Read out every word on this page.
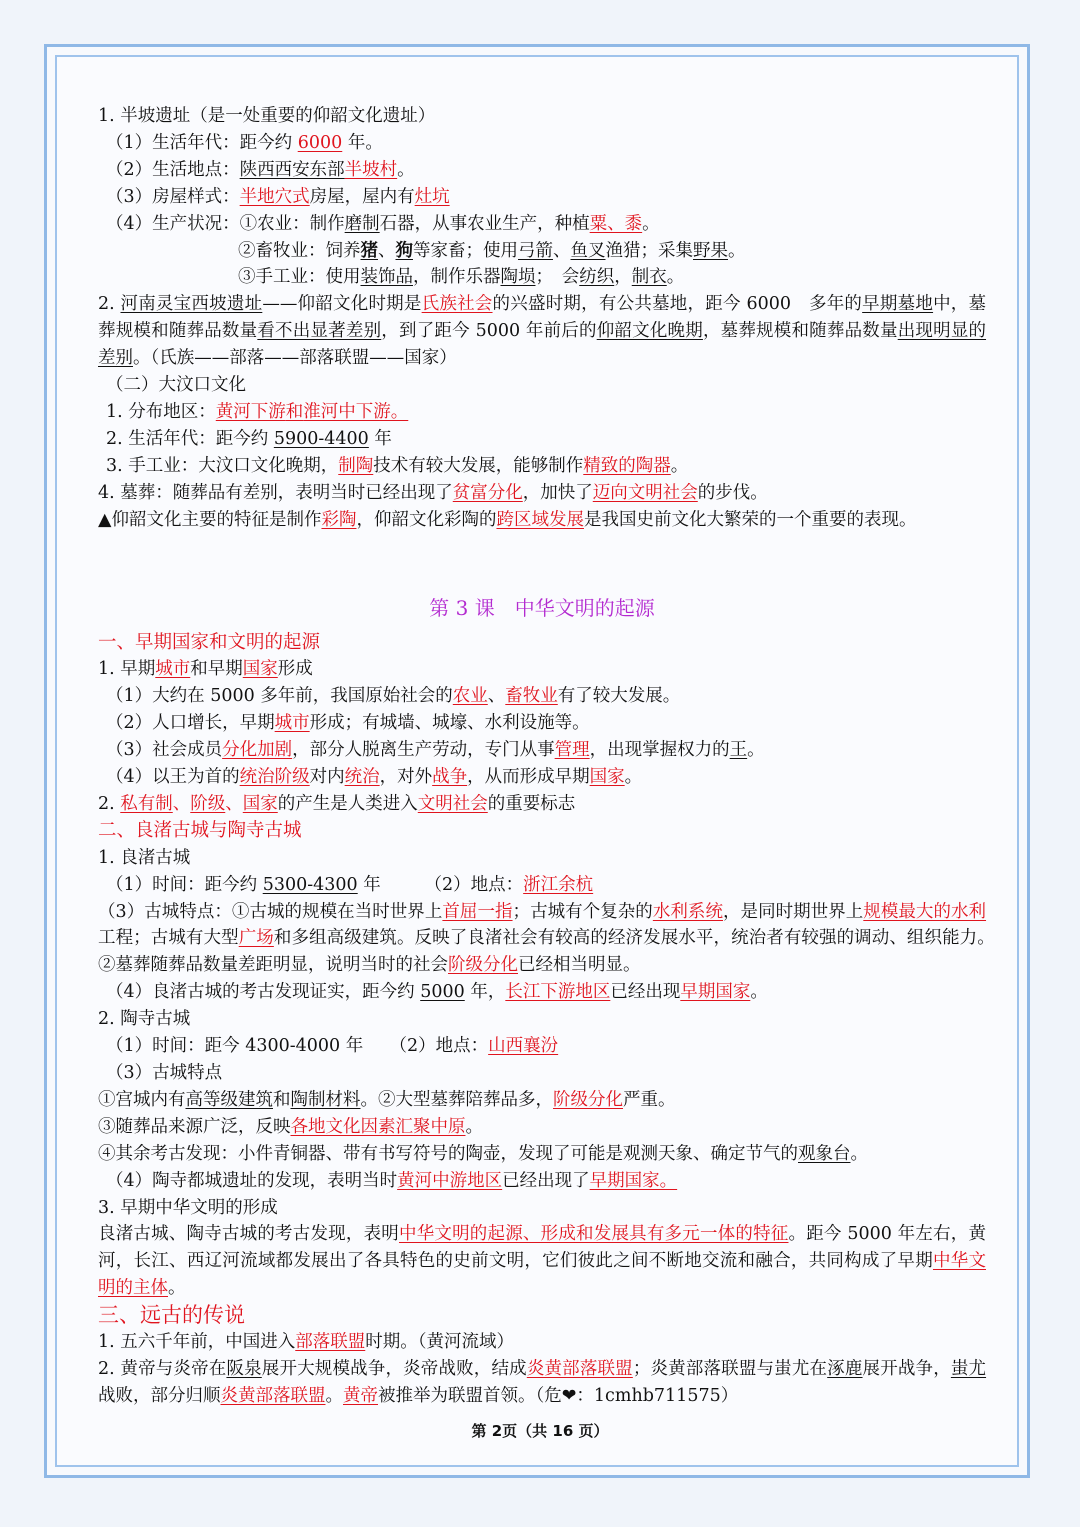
1. 半坡遗址（是一处重要的仰韶文化遗址）

（1）生活年代：距今约 6000 年。

（2）生活地点：陕西西安东部半坡村。

（3）房屋样式：半地穴式房屋，屋内有灶坑

（4）生产状况：①农业：制作磨制石器，从事农业生产，种植粟、黍。

②畜牧业：饲养猪、狗等家畜；使用弓箭、鱼叉渔猎；采集野果。

③手工业：使用装饰品，制作乐器陶埙；　会纺织，制衣。

2. 河南灵宝西坡遗址——仰韶文化时期是氏族社会的兴盛时期，有公共墓地，距今 6000　多年的早期墓地中，墓葬规模和随葬品数量看不出显著差别，到了距今 5000 年前后的仰韶文化晚期，墓葬规模和随葬品数量出现明显的差别。（氏族——部落——部落联盟——国家）

（二）大汶口文化

1. 分布地区：黄河下游和淮河中下游。

2. 生活年代：距今约 5900-4400 年

3. 手工业：大汶口文化晚期，制陶技术有较大发展，能够制作精致的陶器。

4. 墓葬：随葬品有差别，表明当时已经出现了贫富分化，加快了迈向文明社会的步伐。

▲仰韶文化主要的特征是制作彩陶，仰韶文化彩陶的跨区域发展是我国史前文化大繁荣的一个重要的表现。

第 3 课　中华文明的起源

一、早期国家和文明的起源

1. 早期城市和早期国家形成

（1）大约在 5000 多年前，我国原始社会的农业、畜牧业有了较大发展。

（2）人口增长，早期城市形成；有城墙、城壕、水利设施等。

（3）社会成员分化加剧，部分人脱离生产劳动，专门从事管理，出现掌握权力的王。

（4）以王为首的统治阶级对内统治，对外战争，从而形成早期国家。

2. 私有制、阶级、国家的产生是人类进入文明社会的重要标志

二、良渚古城与陶寺古城

1. 良渚古城

（1）时间：距今约 5300-4300 年　　　（2）地点：浙江余杭

（3）古城特点：①古城的规模在当时世界上首屈一指；古城有个复杂的水利系统，是同时期世界上规模最大的水利工程；古城有大型广场和多组高级建筑。反映了良渚社会有较高的经济发展水平，统治者有较强的调动、组织能力。　②墓葬随葬品数量差距明显，说明当时的社会阶级分化已经相当明显。

（4）良渚古城的考古发现证实，距今约 5000 年，长江下游地区已经出现早期国家。

2. 陶寺古城

（1）时间：距今 4300-4000 年　　（2）地点：山西襄汾

（3）古城特点

①宫城内有高等级建筑和陶制材料。②大型墓葬陪葬品多，阶级分化严重。

③随葬品来源广泛，反映各地文化因素汇聚中原。

④其余考古发现：小件青铜器、带有书写符号的陶壶，发现了可能是观测天象、确定节气的观象台。

（4）陶寺都城遗址的发现，表明当时黄河中游地区已经出现了早期国家。

3. 早期中华文明的形成

良渚古城、陶寺古城的考古发现，表明中华文明的起源、形成和发展具有多元一体的特征。距今 5000 年左右，黄河，长江、西辽河流域都发展出了各具特色的史前文明，它们彼此之间不断地交流和融合，共同构成了早期中华文明的主体。

三、远古的传说

1. 五六千年前，中国进入部落联盟时期。（黄河流域）

2. 黄帝与炎帝在阪泉展开大规模战争，炎帝战败，结成炎黄部落联盟；炎黄部落联盟与蚩尤在涿鹿展开战争，蚩尤战败，部分归顺炎黄部落联盟。黄帝被推举为联盟首领。（危❤：1cmhb711575）

第 2页（共 16 页）
